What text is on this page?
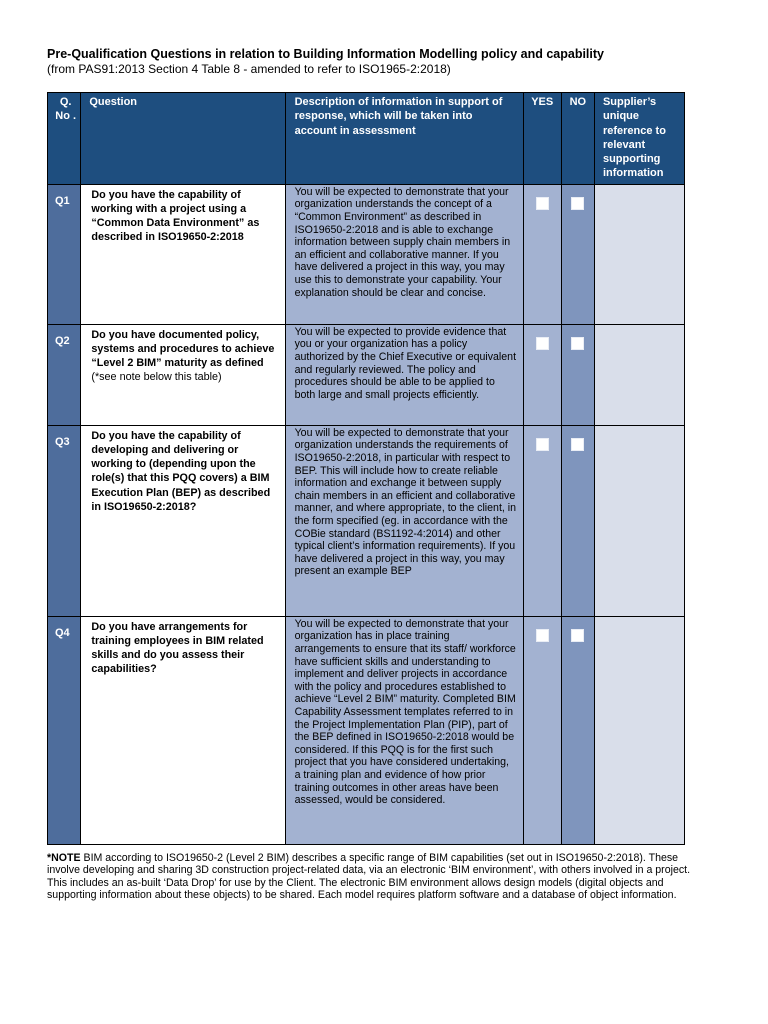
Pre-Qualification Questions in relation to Building Information Modelling policy and capability
(from PAS91:2013 Section 4 Table 8 - amended to refer to ISO1965-2:2018)
Q. No .	Question	Description of information in support of response, which will be taken into account in assessment	YES	NO	Supplier’s unique reference to relevant supporting information

Q1	Do you have the capability of working with a project using a “Common Data Environment” as described in ISO19650-2:2018	You will be expected to demonstrate that your organization understands the concept of a “Common Environment” as described in ISO19650-2:2018 and is able to exchange information between supply chain members in an efficient and collaborative manner. If you have delivered a project in this way, you may use this to demonstrate your capability. Your explanation should be clear and concise.			

Q2	Do you have documented policy, systems and procedures to achieve “Level 2 BIM” maturity as defined (*see note below this table)	You will be expected to provide evidence that you or your organization has a policy authorized by the Chief Executive or equivalent and regularly reviewed. The policy and procedures should be able to be applied to both large and small projects efficiently.			

Q3	Do you have the capability of developing and delivering or working to (depending upon the role(s) that this PQQ covers) a BIM Execution Plan (BEP) as described in ISO19650-2:2018?	You will be expected to demonstrate that your organization understands the requirements of ISO19650-2:2018, in particular with respect to BEP. This will include how to create reliable information and exchange it between supply chain members in an efficient and collaborative manner, and where appropriate, to the client, in the form specified (eg. in accordance with the COBie standard (BS1192-4:2014) and other typical client’s information requirements). If you have delivered a project in this way, you may present an example BEP			

Q4	Do you have arrangements for training employees in BIM related skills and do you assess their capabilities?	You will be expected to demonstrate that your organization has in place training arrangements to ensure that its staff/ workforce have sufficient skills and understanding to implement and deliver projects in accordance with the policy and procedures established to achieve “Level 2 BIM” maturity. Completed BIM Capability Assessment templates referred to in the Project Implementation Plan (PIP), part of the BEP defined in ISO19650-2:2018 would be considered. If this PQQ is for the first such project that you have considered undertaking, a training plan and evidence of how prior training outcomes in other areas have been assessed, would be considered.			

*NOTE BIM according to ISO19650-2 (Level 2 BIM) describes a specific range of BIM capabilities (set out in ISO19650-2:2018). These involve developing and sharing 3D construction project-related data, via an electronic ‘BIM environment’, with others involved in a project. This includes an as-built ‘Data Drop’ for use by the Client. The electronic BIM environment allows design models (digital objects and supporting information about these objects) to be shared. Each model requires platform software and a database of object information.
